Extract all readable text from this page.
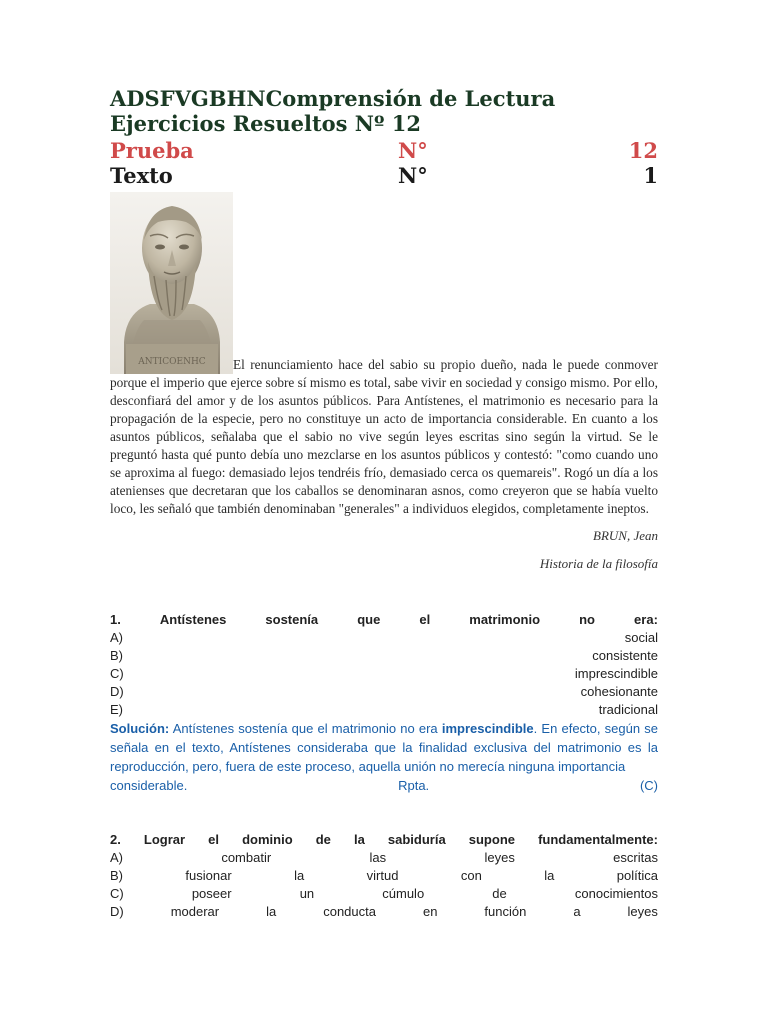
ADSFVGBHNComprensión de Lectura
Ejercicios Resueltos Nº 12
Prueba	N°	12
Texto	N°	1
ANTICOENHC	El renunciamiento hace del sabio su propio dueño, nada le puede conmover porque el imperio que ejerce sobre sí mismo es total, sabe vivir en sociedad y consigo mismo. Por ello, desconfiará del amor y de los asuntos públicos. Para Antístenes, el matrimonio es necesario para la propagación de la especie, pero no constituye un acto de importancia considerable. En cuanto a los asuntos públicos, señalaba que el sabio no vive según leyes escritas sino según la virtud. Se le preguntó hasta qué punto debía uno mezclarse en los asuntos públicos y contestó: "como cuando uno se aproxima al fuego: demasiado lejos tendréis frío, demasiado cerca os quemareis". Rogó un día a los atenienses que decretaran que los caballos se denominaran asnos, como creyeron que se había vuelto loco, les señaló que también denominaban "generales" a individuos elegidos, completamente ineptos.

BRUN, Jean
Historia de la filosofía
1.	Antístenes	sostenía	que	el	matrimonio	no	era:
A)	social
B)	consistente
C)	imprescindible
D)	cohesionante
E)	tradicional
Solución: Antístenes sostenía que el matrimonio no era imprescindible. En efecto, según se señala en el texto, Antístenes consideraba que la finalidad exclusiva del matrimonio es la reproducción, pero, fuera de este proceso, aquella unión no merecía ninguna importancia
considerable.	Rpta.	(C)
2. Lograr el dominio de la sabiduría supone fundamentalmente:
A)	combatir	las	leyes	escritas
B)	fusionar	la	virtud	con	la	política
C)	poseer	un	cúmulo	de	conocimientos
D)	moderar	la	conducta	en	función	a	leyes
